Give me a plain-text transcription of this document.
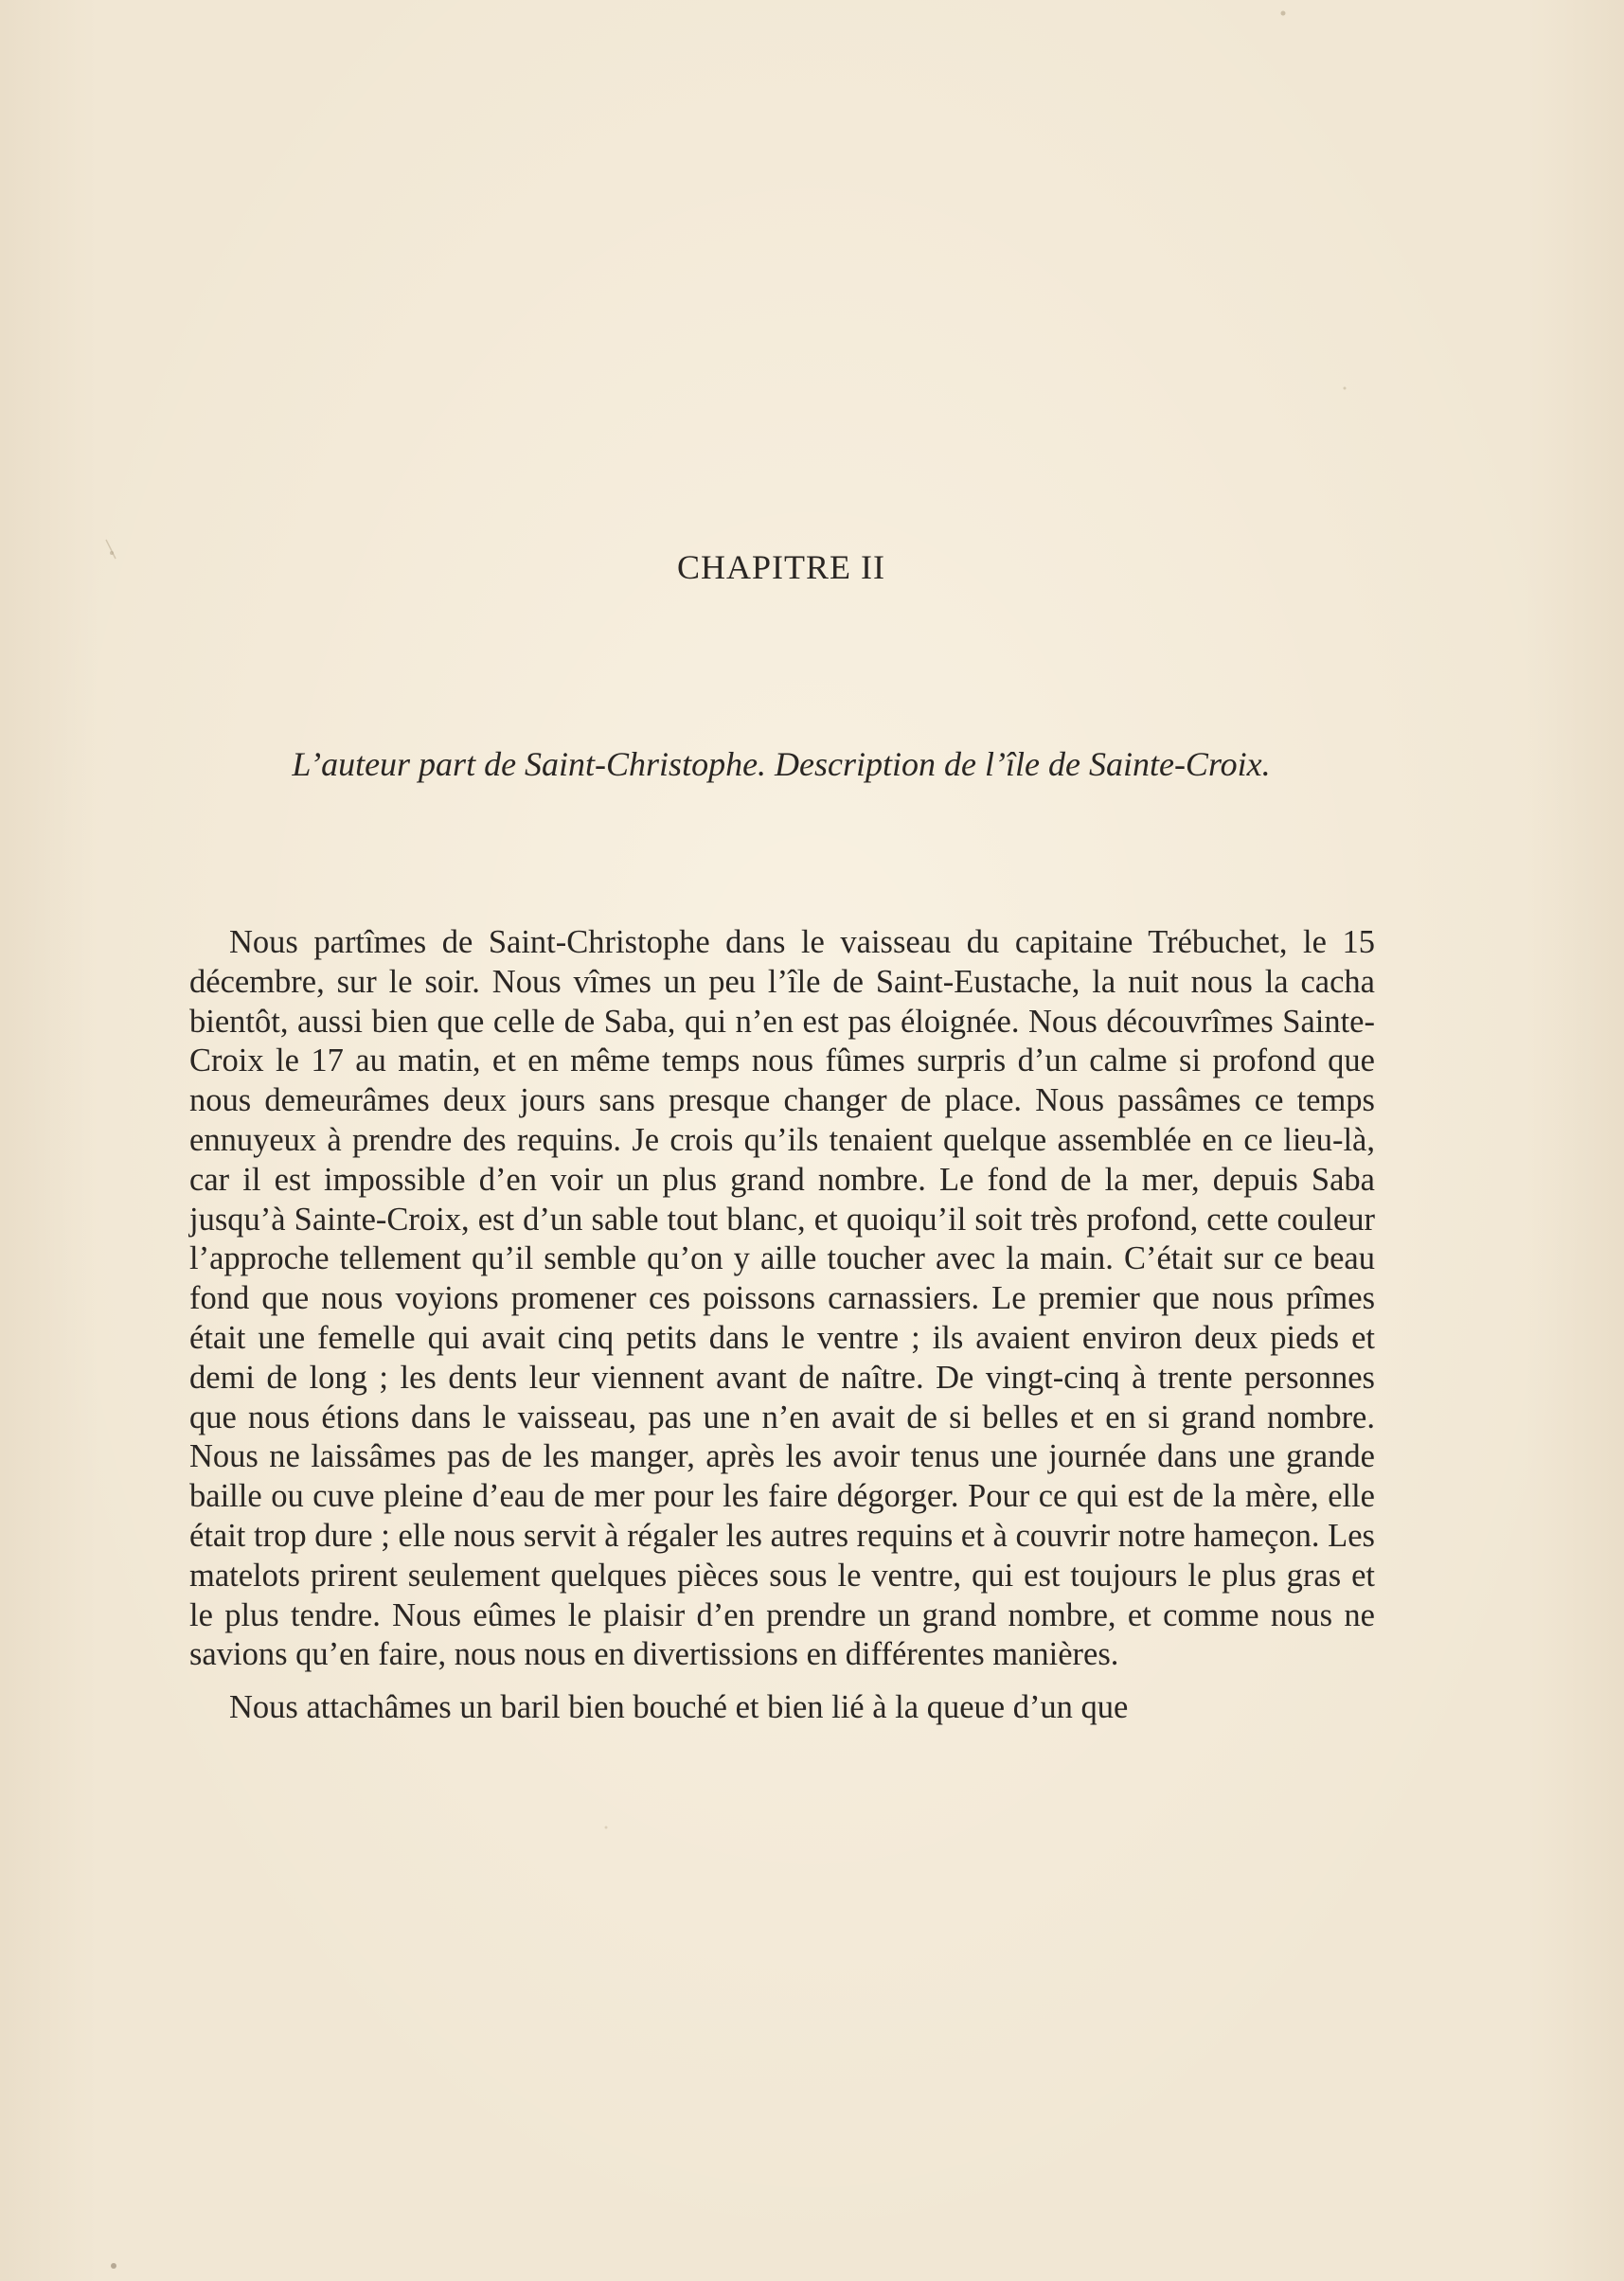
CHAPITRE II

L’auteur part de Saint-Christophe. Description de l’île de Sainte-Croix.

Nous partîmes de Saint-Christophe dans le vaisseau du capitaine Trébuchet, le 15 décembre, sur le soir. Nous vîmes un peu l’île de Saint-Eustache, la nuit nous la cacha bientôt, aussi bien que celle de Saba, qui n’en est pas éloignée. Nous découvrîmes Sainte-Croix le 17 au matin, et en même temps nous fûmes surpris d’un calme si profond que nous demeurâmes deux jours sans presque changer de place. Nous passâmes ce temps ennuyeux à prendre des requins. Je crois qu’ils tenaient quelque assemblée en ce lieu-là, car il est impossible d’en voir un plus grand nombre. Le fond de la mer, depuis Saba jusqu’à Sainte-Croix, est d’un sable tout blanc, et quoiqu’il soit très profond, cette couleur l’approche tellement qu’il semble qu’on y aille toucher avec la main. C’était sur ce beau fond que nous voyions promener ces poissons carnassiers. Le premier que nous prîmes était une femelle qui avait cinq petits dans le ventre ; ils avaient environ deux pieds et demi de long ; les dents leur viennent avant de naître. De vingt-cinq à trente personnes que nous étions dans le vaisseau, pas une n’en avait de si belles et en si grand nombre. Nous ne laissâmes pas de les manger, après les avoir tenus une journée dans une grande baille ou cuve pleine d’eau de mer pour les faire dégorger. Pour ce qui est de la mère, elle était trop dure ; elle nous servit à régaler les autres requins et à couvrir notre hameçon. Les matelots prirent seulement quelques pièces sous le ventre, qui est toujours le plus gras et le plus tendre. Nous eûmes le plaisir d’en prendre un grand nombre, et comme nous ne savions qu’en faire, nous nous en divertissions en différentes manières.

Nous attachâmes un baril bien bouché et bien lié à la queue d’un que
